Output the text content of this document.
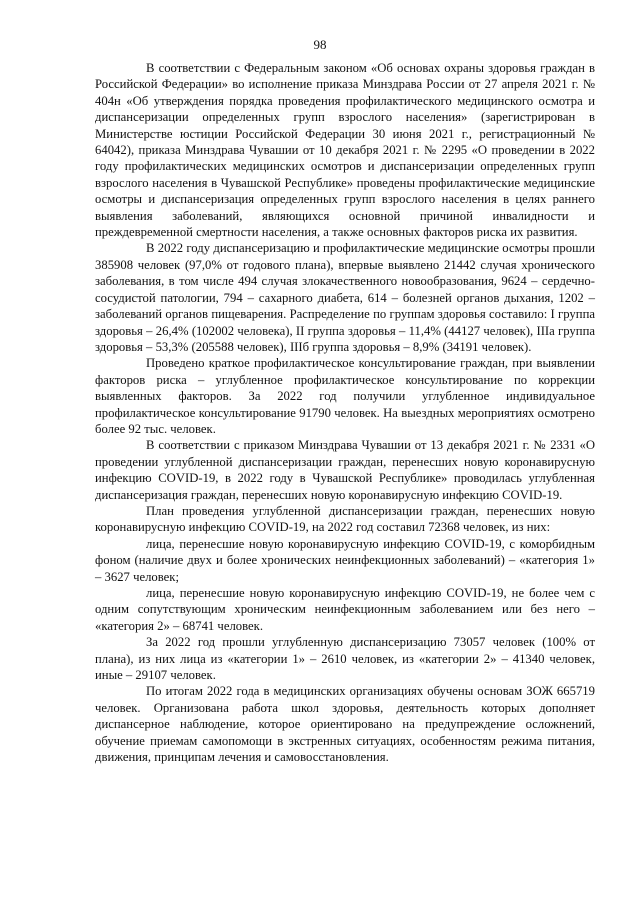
98

В соответствии с Федеральным законом «Об основах охраны здоровья граждан в Российской Федерации» во исполнение приказа Минздрава России от 27 апреля 2021 г. № 404н «Об утверждения порядка проведения профилактического медицинского осмотра и диспансеризации определенных групп взрослого населения» (зарегистрирован в Министерстве юстиции Российской Федерации 30 июня 2021 г., регистрационный № 64042), приказа Минздрава Чувашии от 10 декабря 2021 г. № 2295 «О проведении в 2022 году профилактических медицинских осмотров и диспансеризации определенных групп взрослого населения в Чувашской Республике» проведены профилактические медицинские осмотры и диспансеризация определенных групп взрослого населения в целях раннего выявления заболеваний, являющихся основной причиной инвалидности и преждевременной смертности населения, а также основных факторов риска их развития.

В 2022 году диспансеризацию и профилактические медицинские осмотры прошли 385908 человек (97,0% от годового плана), впервые выявлено 21442 случая хронического заболевания, в том числе 494 случая злокачественного новообразования, 9624 – сердечно-сосудистой патологии, 794 – сахарного диабета, 614 – болезней органов дыхания, 1202 – заболеваний органов пищеварения. Распределение по группам здоровья составило: I группа здоровья – 26,4% (102002 человека), II группа здоровья – 11,4% (44127 человек), IIIа группа здоровья – 53,3% (205588 человек), IIIб группа здоровья – 8,9% (34191 человек).

Проведено краткое профилактическое консультирование граждан, при выявлении факторов риска – углубленное профилактическое консультирование по коррекции выявленных факторов. За 2022 год получили углубленное индивидуальное профилактическое консультирование 91790 человек. На выездных мероприятиях осмотрено более 92 тыс. человек.

В соответствии с приказом Минздрава Чувашии от 13 декабря 2021 г. № 2331 «О проведении углубленной диспансеризации граждан, перенесших новую коронавирусную инфекцию COVID-19, в 2022 году в Чувашской Республике» проводилась углубленная диспансеризация граждан, перенесших новую коронавирусную инфекцию COVID-19.

План проведения углубленной диспансеризации граждан, перенесших новую коронавирусную инфекцию COVID-19, на 2022 год составил 72368 человек, из них:

лица, перенесшие новую коронавирусную инфекцию COVID-19, с коморбидным фоном (наличие двух и более хронических неинфекционных заболеваний) – «категория 1» – 3627 человек;

лица, перенесшие новую коронавирусную инфекцию COVID-19, не более чем с одним сопутствующим хроническим неинфекционным заболеванием или без него – «категория 2» – 68741 человек.

За 2022 год прошли углубленную диспансеризацию 73057 человек (100% от плана), из них лица из «категории 1» – 2610 человек, из «категории 2» – 41340 человек, иные – 29107 человек.

По итогам 2022 года в медицинских организациях обучены основам ЗОЖ 665719 человек. Организована работа школ здоровья, деятельность которых дополняет диспансерное наблюдение, которое ориентировано на предупреждение осложнений, обучение приемам самопомощи в экстренных ситуациях, особенностям режима питания, движения, принципам лечения и самовосстановления.
